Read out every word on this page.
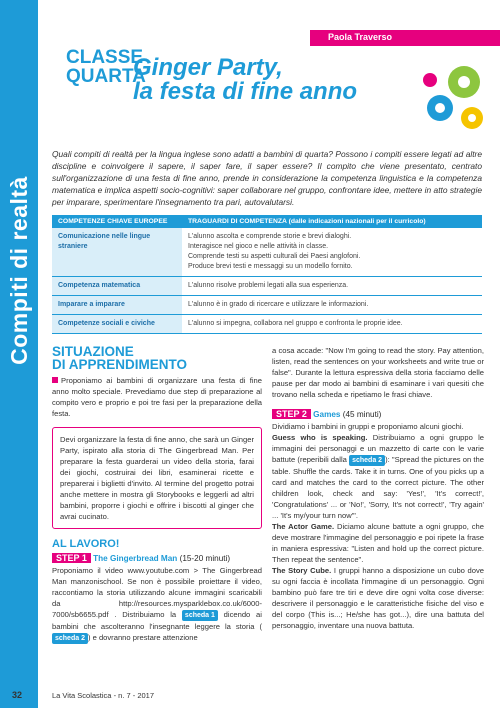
Compiti di realtà
Paola Traverso
CLASSE
QUARTA
Ginger Party,
la festa di fine anno
Quali compiti di realtà per la lingua inglese sono adatti a bambini di quarta? Possono i compiti essere legati ad altre discipline e coinvolgere il sapere, il saper fare, il saper essere? Il compito che viene presentato, centrato sull'organizzazione di una festa di fine anno, prende in considerazione la competenza linguistica e la competenza matematica e implica aspetti socio-cognitivi: saper collaborare nel gruppo, confrontare idee, mettere in atto strategie per imparare, sperimentare l'insegnamento tra pari, autovalutarsi.
COMPETENZE CHIAVE EUROPEE	TRAGUARDI DI COMPETENZA (dalle indicazioni nazionali per il curricolo)
Comunicazione nelle lingue straniere	L'alunno ascolta e comprende storie e brevi dialoghi.
Interagisce nel gioco e nelle attività in classe.
Comprende testi su aspetti culturali dei Paesi anglofoni.
Produce brevi testi e messaggi su un modello fornito.

Competenza matematica	L'alunno risolve problemi legati alla sua esperienza.
Imparare a imparare	L'alunno è in grado di ricercare e utilizzare le informazioni.
Competenze sociali e civiche	L'alunno si impegna, collabora nel gruppo e confronta le proprie idee.
SITUAZIONE
DI APPRENDIMENTO

Proponiamo ai bambini di organizzare una festa di fine anno molto speciale. Prevediamo due step di preparazione al compito vero e proprio e poi tre fasi per la preparazione della festa.

Devi organizzare la festa di fine anno, che sarà un Ginger Party, ispirato alla storia di The Gingerbread Man. Per preparare la festa guarderai un video della storia, farai dei giochi, costruirai dei libri, esaminerai ricette e preparerai i biglietti d'invito. Al termine del progetto potrai anche mettere in mostra gli Storybooks e leggerli ad altri bambini, proporre i giochi e offrire i biscotti al ginger che avrai cucinato.
AL LAVORO!
STEP 1 The Gingerbread Man (15-20 minuti)

Proponiamo il video www.youtube.com > The Gingerbread Man manzonischool. Se non è possibile proiettare il video, raccontiamo la storia utilizzando alcune immagini scaricabili da http://resources.mysparklebox.co.uk/6000-7000/sb6655.pdf . Distribuiamo la scheda 1 dicendo ai bambini che ascolteranno l'insegnante leggere la storia (scheda 2 ) e dovranno prestare attenzione

a cosa accade: "Now I'm going to read the story. Pay attention, listen, read the sentences on your worksheets and write true or false". Durante la lettura espressiva della storia facciamo delle pause per dar modo ai bambini di esaminare i vari quesiti che trovano nella scheda e ripetiamo le frasi chiave.

STEP 2 Games (45 minuti)

Dividiamo i bambini in gruppi e proponiamo alcuni giochi.

Guess who is speaking. Distribuiamo a ogni gruppo le immagini dei personaggi e un mazzetto di carte con le varie battute (reperibili dalla scheda 2 ): "Spread the pictures on the table. Shuffle the cards. Take it in turns. One of you picks up a card and matches the card to the correct picture. The other children look, check and say: 'Yes!', 'It's correct!', 'Congratulations' ... or 'No!', 'Sorry, It's not correct!', 'Try again' ... 'It's my/your turn now'".

The Actor Game. Diciamo alcune battute a ogni gruppo, che deve mostrare l'immagine del personaggio e poi ripete la frase in maniera espressiva: "Listen and hold up the correct picture. Then repeat the sentence".

The Story Cube. I gruppi hanno a disposizione un cubo dove su ogni faccia è incollata l'immagine di un personaggio. Ogni bambino può fare tre tiri e deve dire ogni volta cose diverse: descrivere il personaggio e le caratteristiche fisiche del viso e del corpo (This is...; He/she has got...), dire una battuta del personaggio, inventare una nuova battuta.

32	La Vita Scolastica - n. 7 - 2017
